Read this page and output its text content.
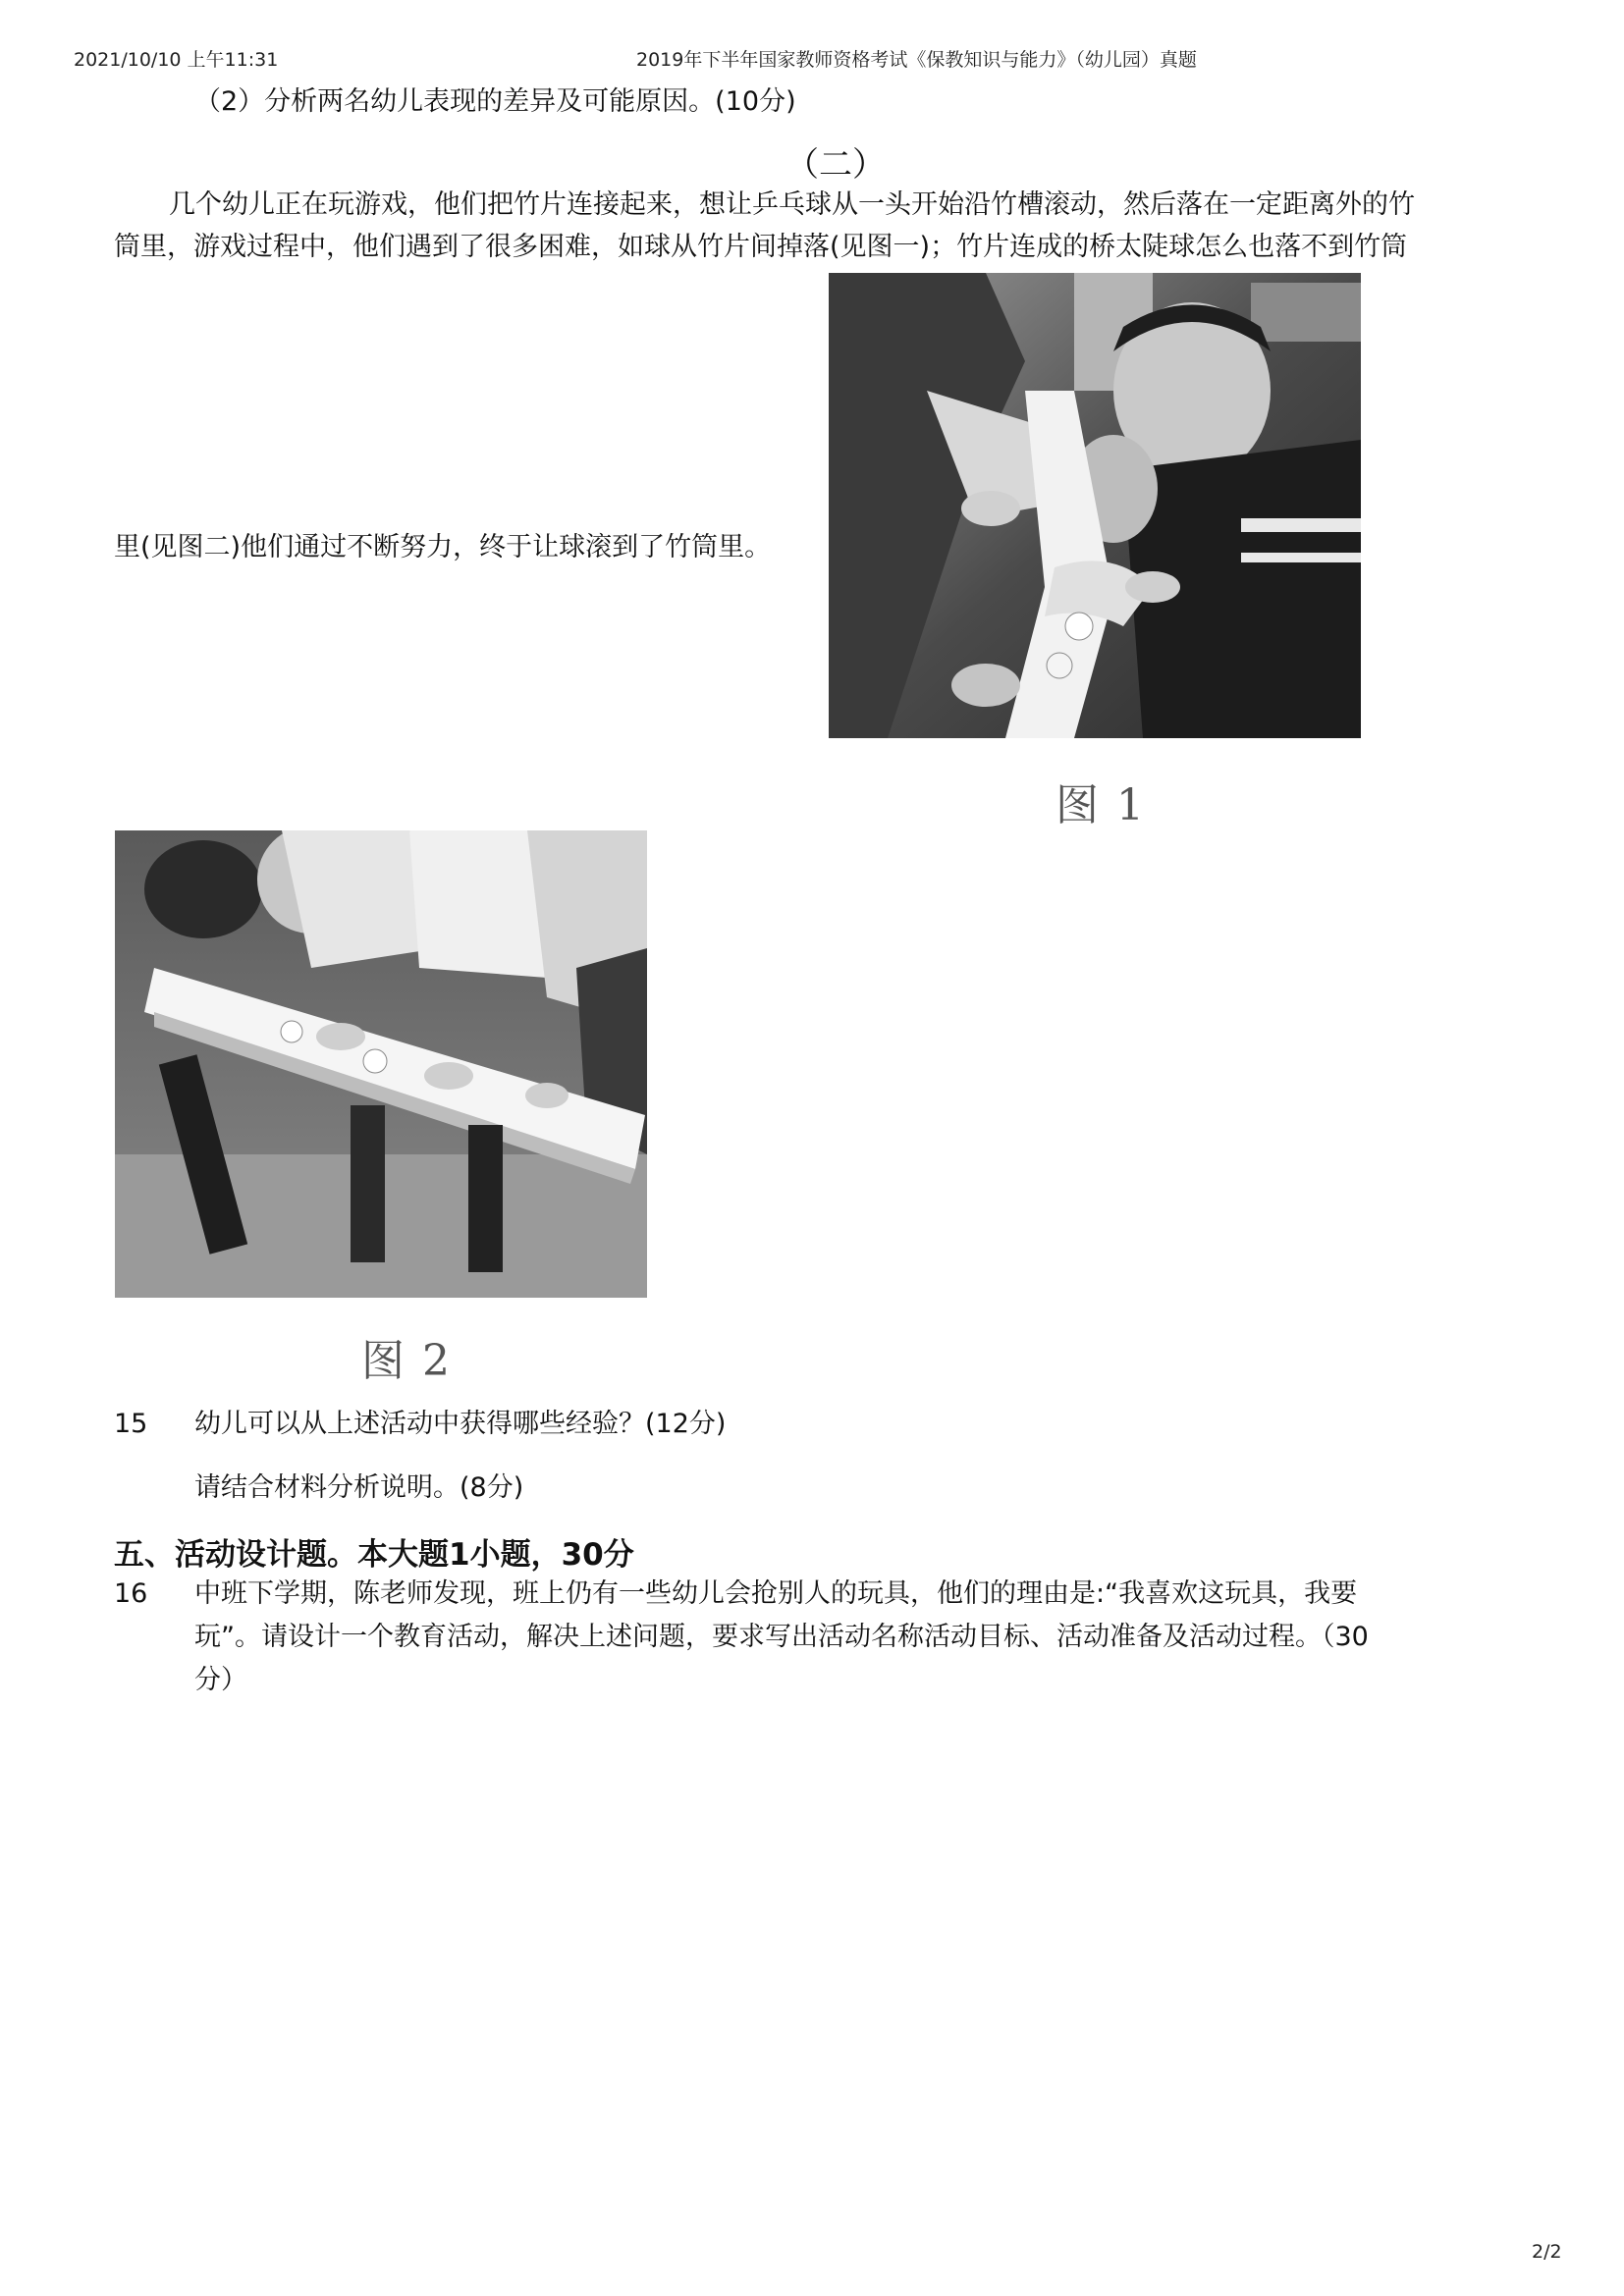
2021/10/10 上午11:31	2019年下半年国家教师资格考试《保教知识与能力》（幼儿园）真题
（2）分析两名幼儿表现的差异及可能原因。(10分)
（二）
几个幼儿正在玩游戏，他们把竹片连接起来，想让乒乓球从一头开始沿竹槽滚动，然后落在一定距离外的竹
筒里，游戏过程中，他们遇到了很多困难，如球从竹片间掉落(见图一)；竹片连成的桥太陡球怎么也落不到竹筒
里(见图二)他们通过不断努力，终于让球滚到了竹筒里。
图 1
图 2
15 幼儿可以从上述活动中获得哪些经验？(12分)
请结合材料分析说明。(8分)
五、活动设计题。本大题1小题，30分
16 中班下学期，陈老师发现，班上仍有一些幼儿会抢别人的玩具，他们的理由是:“我喜欢这玩具，我要
玩”。请设计一个教育活动，解决上述问题，要求写出活动名称活动目标、活动准备及活动过程。（30
分）
2/2
